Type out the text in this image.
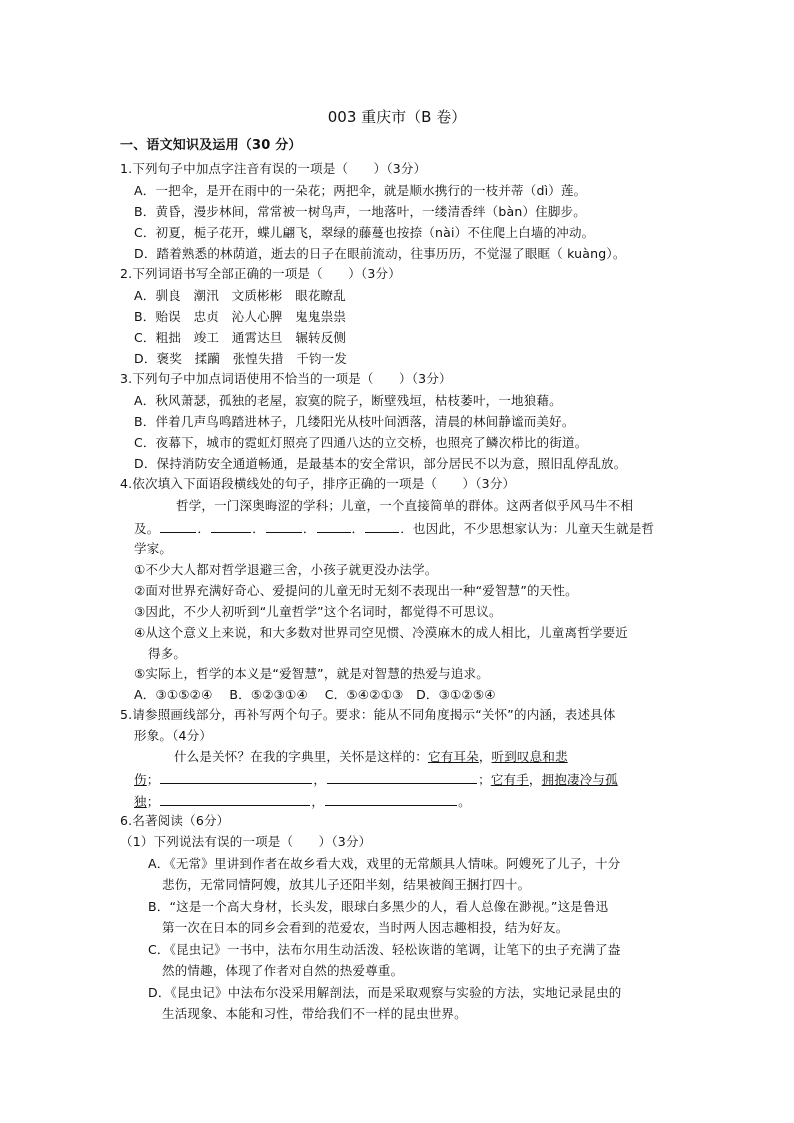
003 重庆市（B 卷）
一、语文知识及运用（30 分）
1.下列句子中加点字注音有误的一项是（　　）（3分）
A．一把伞，是开在雨中的一朵花；两把伞，就是顺水携行的一枝并蒂（dì）莲。
B．黄昏，漫步林间，常常被一树鸟声，一地落叶，一缕清香绊（bàn）住脚步。
C．初夏，栀子花开，蝶儿翩飞，翠绿的藤蔓也按捺（nài）不住爬上白墙的冲动。
D．踏着熟悉的林荫道，逝去的日子在眼前流动，往事历历，不觉湿了眼眶（ kuàng）。
2.下列词语书写全部正确的一项是（　　）（3分）
A．驯良　潮汛　文质彬彬　眼花瞭乱
B．贻误　忠贞　沁人心脾　鬼鬼祟祟
C．粗拙　竣工　通霄达旦　辗转反侧
D．褒奖　揉躏　张惶失措　千钧一发
3.下列句子中加点词语使用不恰当的一项是（　　）（3分）
A．秋风萧瑟，孤独的老屋，寂寞的院子，断壁残垣，枯枝萎叶，一地狼藉。
B．伴着几声鸟鸣踏进林子，几缕阳光从枝叶间洒落，清晨的林间静谧而美好。
C．夜幕下，城市的霓虹灯照亮了四通八达的立交桥，也照亮了鳞次栉比的街道。
D．保持消防安全通道畅通，是最基本的安全常识，部分居民不以为意，照旧乱停乱放。
4.依次填入下面语段横线处的句子，排序正确的一项是（　　）（3分）
哲学，一门深奥晦涩的学科；儿童，一个直接简单的群体。这两者似乎风马牛不相
及。	．	．	．	．	．也因此，不少思想家认为：儿童天生就是哲
学家。
①不少大人都对哲学退避三舍，小孩子就更没办法学。
②面对世界充满好奇心、爱提问的儿童无时无刻不表现出一种“爱智慧”的天性。
③因此，不少人初听到“儿童哲学”这个名词时，都觉得不可思议。
④从这个意义上来说，和大多数对世界司空见惯、冷漠麻木的成人相比，儿童离哲学要近
得多。
⑤实际上，哲学的本义是“爱智慧”，就是对智慧的热爱与追求。
A．③①⑤②④　 B．⑤②③①④　 C．⑤④②①③　D．③①②⑤④
5.请参照画线部分，再补写两个句子。要求：能从不同角度揭示“关怀”的内涵，表述具体
形象。（4分）
什么是关怀？在我的字典里，关怀是这样的：它有耳朵，听到叹息和悲
伤；	，	；它有手，拥抱凄冷与孤
独；	，	。
6.名著阅读（6分）
（1）下列说法有误的一项是（　　）（3分）
A．《无常》里讲到作者在故乡看大戏，戏里的无常颇具人情味。阿嫂死了儿子，十分
悲伤，无常同情阿嫂，放其儿子还阳半刻，结果被阎王捆打四十。
B．“这是一个高大身材，长头发，眼球白多黑少的人，看人总像在渺视。”这是鲁迅
第一次在日本的同乡会看到的范爱农，当时两人因志趣相投，结为好友。
C．《昆虫记》一书中，法布尔用生动活泼、轻松诙谐的笔调，让笔下的虫子充满了盎
然的情趣，体现了作者对自然的热爱尊重。
D．《昆虫记》中法布尔没采用解剖法，而是采取观察与实验的方法，实地记录昆虫的
生活现象、本能和习性，带给我们不一样的昆虫世界。
